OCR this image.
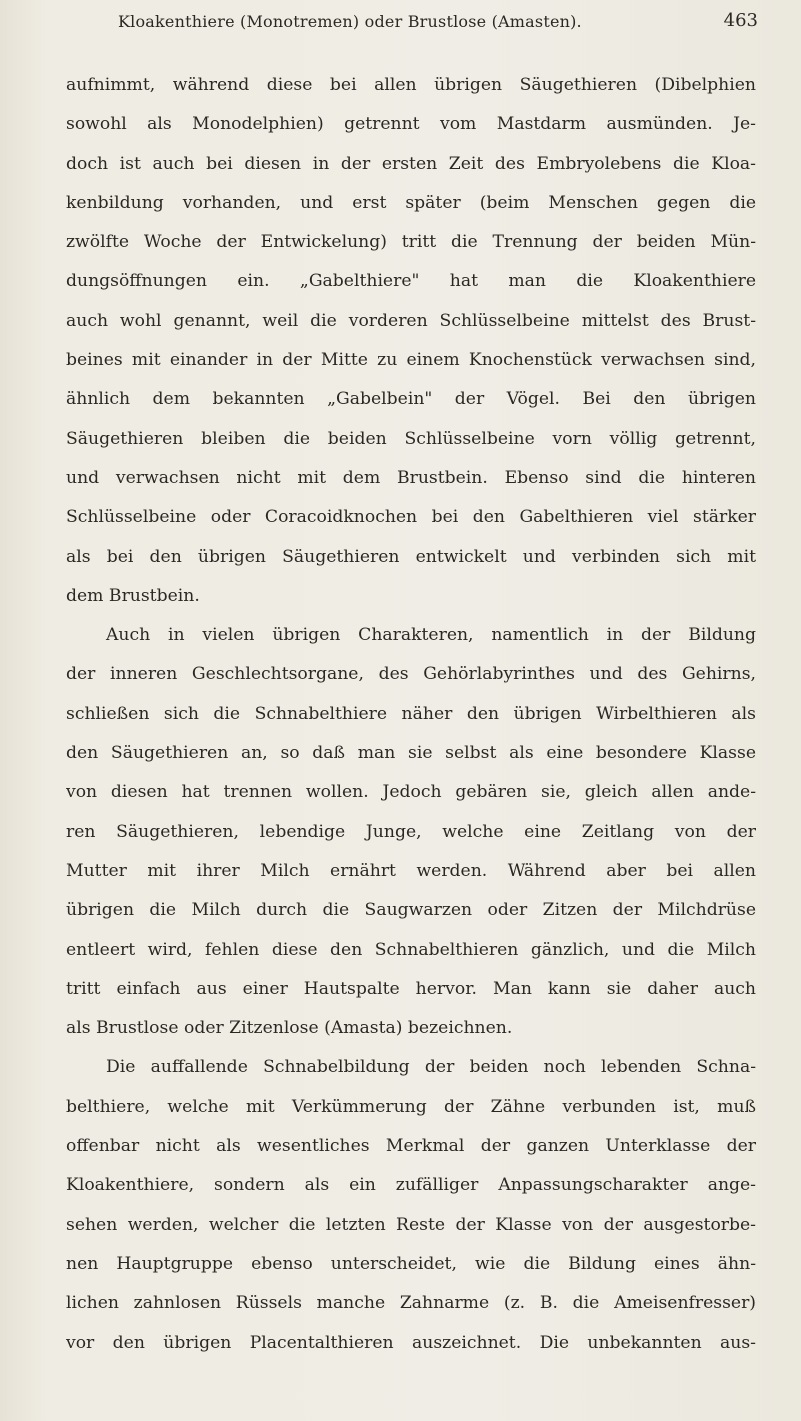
Kloakenthiere (Monotremen) oder Brustlose (Amasten).	463
aufnimmt, während diese bei allen übrigen Säugethieren (Dibelphien
sowohl als Monodelphien) getrennt vom Mastdarm ausmünden. Je-
doch ist auch bei diesen in der ersten Zeit des Embryolebens die Kloa-
kenbildung vorhanden, und erst später (beim Menschen gegen die
zwölfte Woche der Entwickelung) tritt die Trennung der beiden Mün-
dungsöffnungen ein. „Gabelthiere" hat man die Kloakenthiere
auch wohl genannt, weil die vorderen Schlüsselbeine mittelst des Brust-
beines mit einander in der Mitte zu einem Knochenstück verwachsen sind,
ähnlich dem bekannten „Gabelbein" der Vögel. Bei den übrigen
Säugethieren bleiben die beiden Schlüsselbeine vorn völlig getrennt,
und verwachsen nicht mit dem Brustbein. Ebenso sind die hinteren
Schlüsselbeine oder Coracoidknochen bei den Gabelthieren viel stärker
als bei den übrigen Säugethieren entwickelt und verbinden sich mit
dem Brustbein.
Auch in vielen übrigen Charakteren, namentlich in der Bildung
der inneren Geschlechtsorgane, des Gehörlabyrinthes und des Gehirns,
schließen sich die Schnabelthiere näher den übrigen Wirbelthieren als
den Säugethieren an, so daß man sie selbst als eine besondere Klasse
von diesen hat trennen wollen. Jedoch gebären sie, gleich allen ande-
ren Säugethieren, lebendige Junge, welche eine Zeitlang von der
Mutter mit ihrer Milch ernährt werden. Während aber bei allen
übrigen die Milch durch die Saugwarzen oder Zitzen der Milchdrüse
entleert wird, fehlen diese den Schnabelthieren gänzlich, und die Milch
tritt einfach aus einer Hautspalte hervor. Man kann sie daher auch
als Brustlose oder Zitzenlose (Amasta) bezeichnen.
Die auffallende Schnabelbildung der beiden noch lebenden Schna-
belthiere, welche mit Verkümmerung der Zähne verbunden ist, muß
offenbar nicht als wesentliches Merkmal der ganzen Unterklasse der
Kloakenthiere, sondern als ein zufälliger Anpassungscharakter ange-
sehen werden, welcher die letzten Reste der Klasse von der ausgestorbe-
nen Hauptgruppe ebenso unterscheidet, wie die Bildung eines ähn-
lichen zahnlosen Rüssels manche Zahnarme (z. B. die Ameisenfresser)
vor den übrigen Placentalthieren auszeichnet. Die unbekannten aus-
